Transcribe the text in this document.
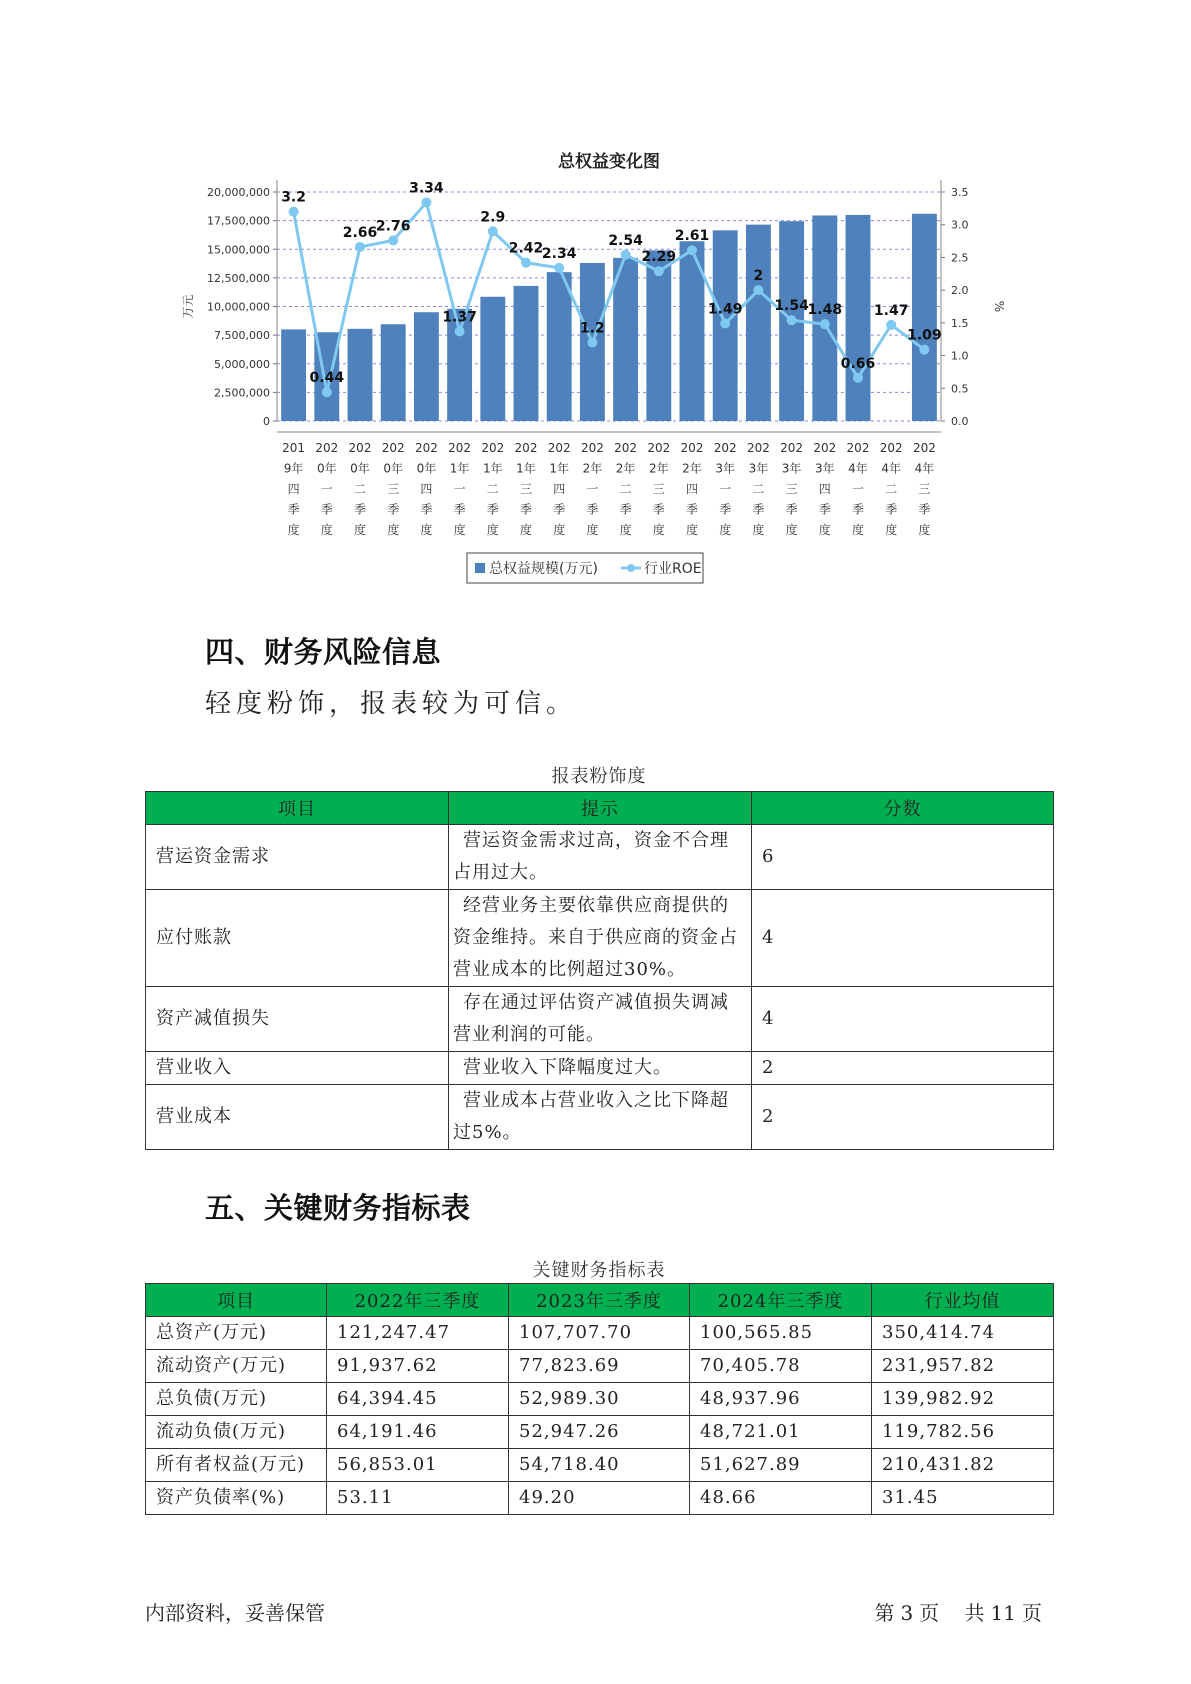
总权益变化图
0
2,500,000
5,000,000
7,500,000
10,000,000
12,500,000
15,000,000
17,500,000
20,000,000
0.0
0.5
1.0
1.5
2.0
2.5
3.0
3.5
万元	%
3.2
0.44
2.66
2.76
3.34
1.37
2.9
2.42
2.34
1.2
2.54
2.29
2.61
1.49
2
1.54
1.48
0.66
1.47
1.09
201
9年
四
季
度
202
0年
一
季
度
202
0年
二
季
度
202
0年
三
季
度
202
0年
四
季
度
202
1年
一
季
度
202
1年
二
季
度
202
1年
三
季
度
202
1年
四
季
度
202
2年
一
季
度
202
2年
二
季
度
202
2年
三
季
度
202
2年
四
季
度
202
3年
一
季
度
202
3年
二
季
度
202
3年
三
季
度
202
3年
四
季
度
202
4年
一
季
度
202
4年
二
季
度
202
4年
三
季
度
总权益规模(万元)	行业ROE
四、财务风险信息

轻度粉饰，报表较为可信。

报表粉饰度
项目	提示	分数
营运资金需求	营运资金需求过高，资金不合理
占用过大。	6
应付账款	经营业务主要依靠供应商提供的
资金维持。来自于供应商的资金占
营业成本的比例超过30%。	4
资产减值损失	存在通过评估资产减值损失调减
营业利润的可能。	4
营业收入	营业收入下降幅度过大。	2
营业成本	营业成本占营业收入之比下降超
过5%。	2
五、关键财务指标表
关键财务指标表
项目	2022年三季度	2023年三季度	2024年三季度	行业均值
总资产(万元)	121,247.47	107,707.70	100,565.85	350,414.74
流动资产(万元)	91,937.62	77,823.69	70,405.78	231,957.82
总负债(万元)	64,394.45	52,989.30	48,937.96	139,982.92
流动负债(万元)	64,191.46	52,947.26	48,721.01	119,782.56
所有者权益(万元)	56,853.01	54,718.40	51,627.89	210,431.82
资产负债率(%)	53.11	49.20	48.66	31.45
内部资料，妥善保管	第 3 页 共 11 页
